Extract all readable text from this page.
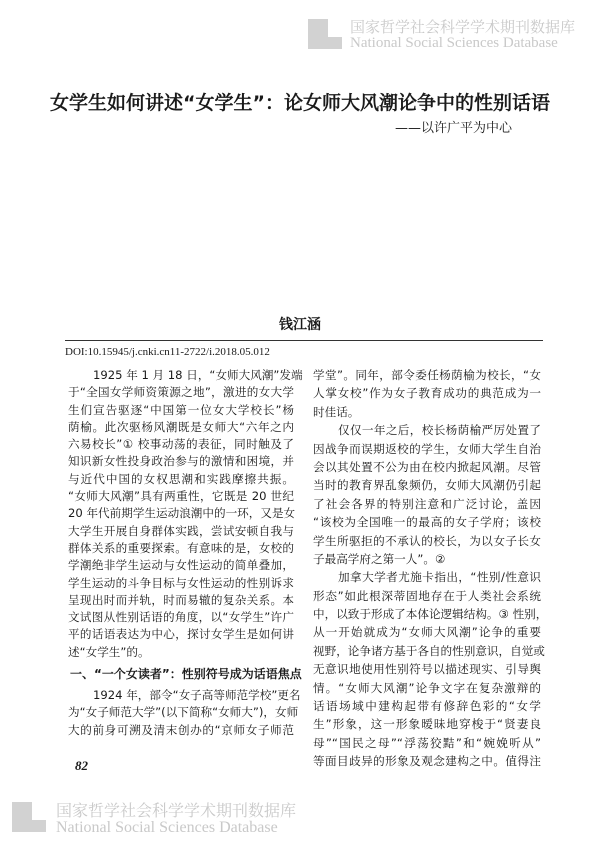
国家哲学社会科学学术期刊数据库
National Social Sciences Database
女学生如何讲述“女学生”：论女师大风潮论争中的性别话语
——以许广平为中心
钱江涵
DOI:10.15945/j.cnki.cn11-2722/i.2018.05.012
1925 年 1 月 18 日，“女师大风潮”发端
于“全国女学师资策源之地”，激进的女大学
生们宣告驱逐“中国第一位女大学校长”杨
荫榆。此次驱杨风潮既是女师大“六年之内
六易校长”① 校事动荡的表征，同时触及了
知识新女性投身政治参与的激情和困境，并
与近代中国的女权思潮和实践摩擦共振。
“女师大风潮”具有两重性，它既是 20 世纪
20 年代前期学生运动浪潮中的一环，又是女
大学生开展自身群体实践，尝试安顿自我与
群体关系的重要探索。有意味的是，女校的
学潮绝非学生运动与女性运动的简单叠加，
学生运动的斗争目标与女性运动的性别诉求
呈现出时而并轨，时而易辙的复杂关系。本
文试图从性别话语的角度，以“女学生”许广
平的话语表达为中心，探讨女学生是如何讲
述“女学生”的。
一、“一个女读者”：性别符号成为话语焦点
1924 年，部令“女子高等师范学校”更名
为“女子师范大学”(以下简称“女师大”)，女师
大的前身可溯及清末创办的“京师女子师范
学堂”。同年，部令委任杨荫榆为校长，“女
人掌女校”作为女子教育成功的典范成为一
时佳话。
仅仅一年之后，校长杨荫榆严厉处置了
因战争而误期返校的学生，女师大学生自治
会以其处置不公为由在校内掀起风潮。尽管
当时的教育界乱象频仍，女师大风潮仍引起
了社会各界的特别注意和广泛讨论，盖因
“该校为全国唯一的最高的女子学府；该校
学生所驱拒的不承认的校长，为以女子长女
子最高学府之第一人”。②
加拿大学者尤施卡指出，“性别/性意识
形态”如此根深蒂固地存在于人类社会系统
中，以致于形成了本体论逻辑结构。③ 性别，
从一开始就成为“女师大风潮”论争的重要
视野，论争诸方基于各自的性别意识，自觉或
无意识地使用性别符号以描述现实、引导舆
情。“女师大风潮”论争文字在复杂激辩的
话语场域中建构起带有修辞色彩的“女学
生”形象，这一形象暧昧地穿梭于“贤妻良
母”“国民之母”“浮荡狡黠”和“婉娩听从”
等面目歧异的形象及观念建构之中。值得注
82
国家哲学社会科学学术期刊数据库
National Social Sciences Database
